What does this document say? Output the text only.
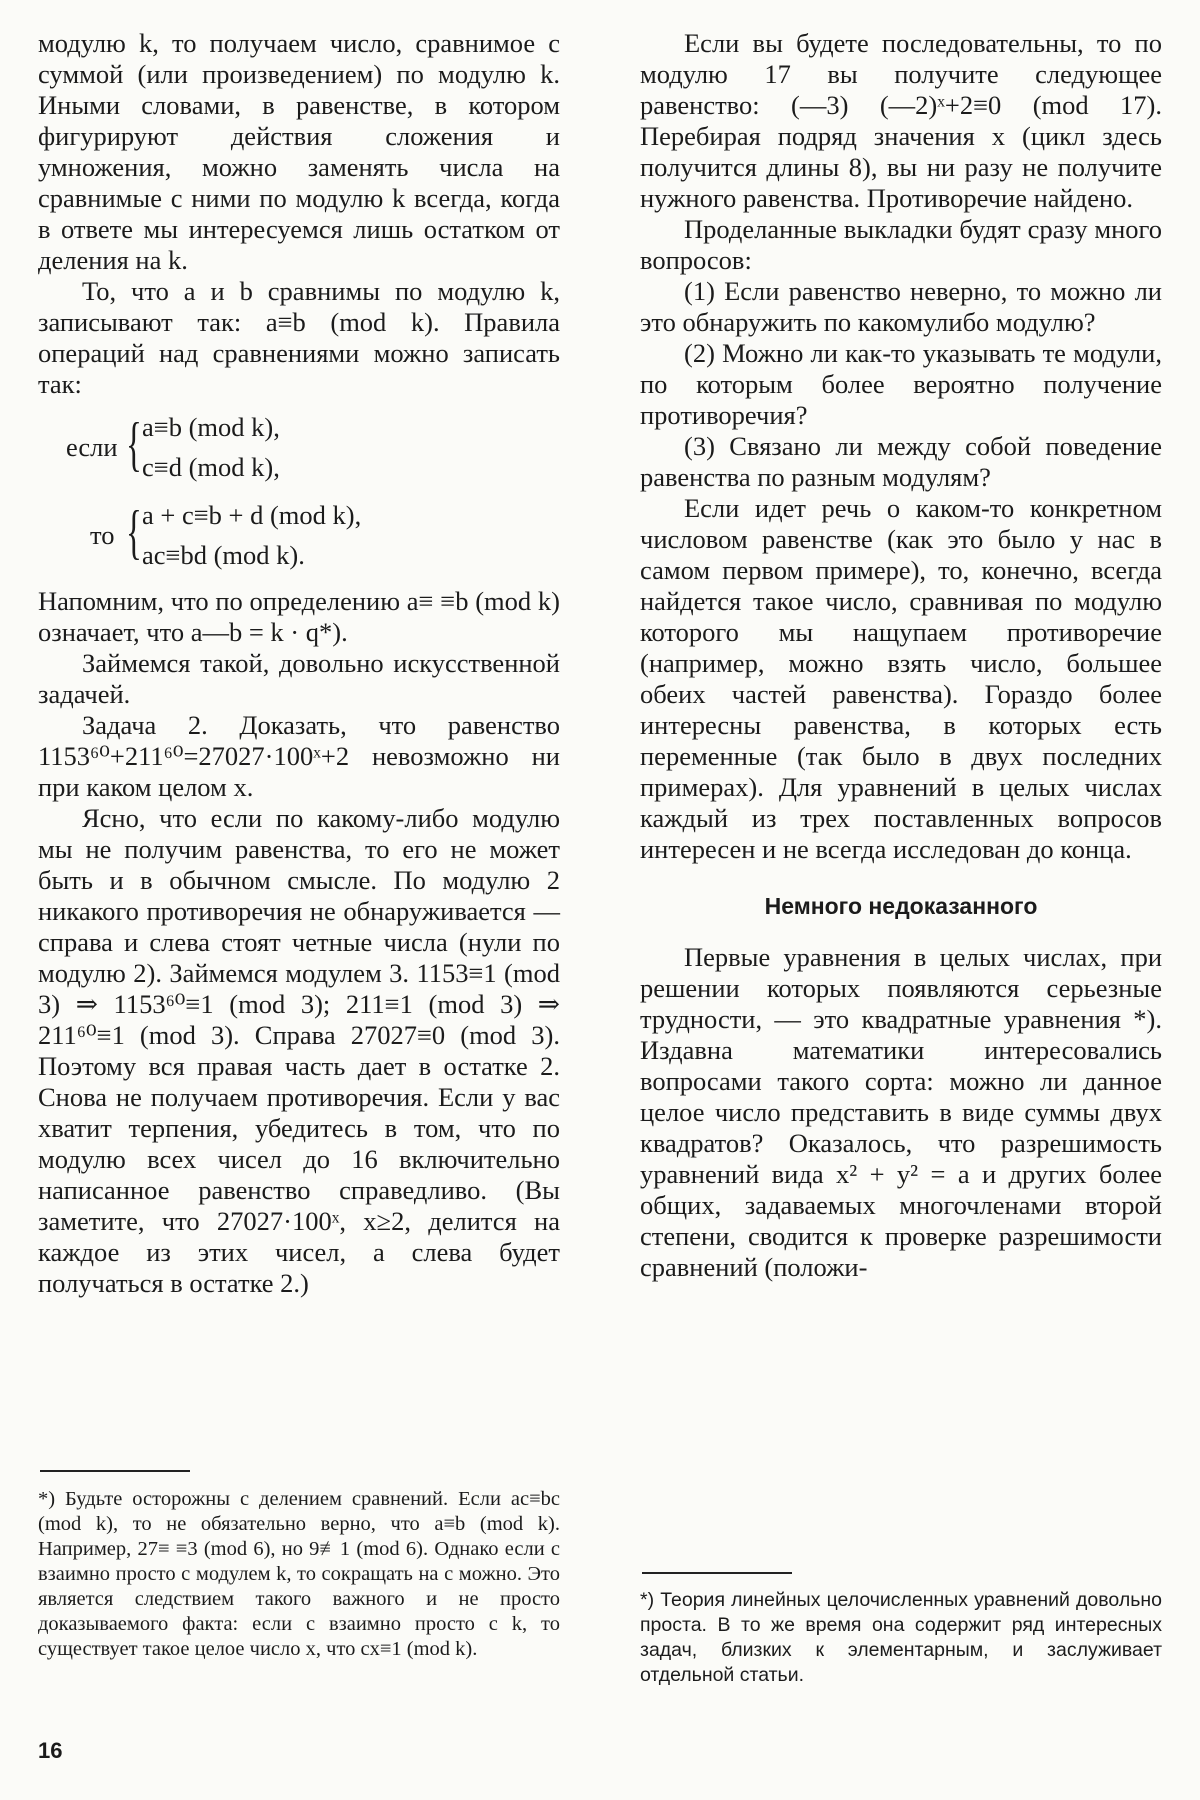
модулю k, то получаем число, сравнимое с суммой (или произведением) по модулю k. Иными словами, в равенстве, в котором фигурируют действия сложения и умножения, можно заменять числа на сравнимые с ними по модулю k всегда, когда в ответе мы интересуемся лишь остатком от деления на k.

То, что a и b сравнимы по модулю k, записывают так: a≡b (mod k). Правила операций над сравнениями можно записать так:

если { a≡b (mod k),
c≡d (mod k),
то { a + c≡b + d (mod k),
ac≡bd (mod k).

Напомним, что по определению a≡ ≡b (mod k) означает, что a—b = k · q*).

Займемся такой, довольно искусственной задачей.

Задача 2. Доказать, что равенство 1153⁶⁰+211⁶⁰=27027·100ˣ+2 невозможно ни при каком целом x.

Ясно, что если по какому-либо модулю мы не получим равенства, то его не может быть и в обычном смысле. По модулю 2 никакого противоречия не обнаруживается — справа и слева стоят четные числа (нули по модулю 2). Займемся модулем 3. 1153≡1 (mod 3) ⇒ 1153⁶⁰≡1 (mod 3); 211≡1 (mod 3) ⇒ 211⁶⁰≡1 (mod 3). Справа 27027≡0 (mod 3). Поэтому вся правая часть дает в остатке 2. Снова не получаем противоречия. Если у вас хватит терпения, убедитесь в том, что по модулю всех чисел до 16 включительно написанное равенство справедливо. (Вы заметите, что 27027·100ˣ, x≥2, делится на каждое из этих чисел, а слева будет получаться в остатке 2.)

*) Будьте осторожны с делением сравнений. Если ac≡bc (mod k), то не обязательно верно, что a≡b (mod k). Например, 27≡ ≡3 (mod 6), но 9≢1 (mod 6). Однако если c взаимно просто с модулем k, то сокращать на c можно. Это является следствием такого важного и не просто доказываемого факта: если c взаимно просто с k, то существует такое целое число x, что cx≡1 (mod k).

Если вы будете последовательны, то по модулю 17 вы получите следующее равенство: (—3) (—2)ˣ+2≡0 (mod 17). Перебирая подряд значения x (цикл здесь получится длины 8), вы ни разу не получите нужного равенства. Противоречие найдено.

Проделанные выкладки будят сразу много вопросов:

(1) Если равенство неверно, то можно ли это обнаружить по какомулибо модулю?

(2) Можно ли как-то указывать те модули, по которым более вероятно получение противоречия?

(3) Связано ли между собой поведение равенства по разным модулям?

Если идет речь о каком-то конкретном числовом равенстве (как это было у нас в самом первом примере), то, конечно, всегда найдется такое число, сравнивая по модулю которого мы нащупаем противоречие (например, можно взять число, большее обеих частей равенства). Гораздо более интересны равенства, в которых есть переменные (так было в двух последних примерах). Для уравнений в целых числах каждый из трех поставленных вопросов интересен и не всегда исследован до конца.

Немного недоказанного

Первые уравнения в целых числах, при решении которых появляются серьезные трудности, — это квадратные уравнения *). Издавна математики интересовались вопросами такого сорта: можно ли данное целое число представить в виде суммы двух квадратов? Оказалось, что разрешимость уравнений вида x² + y² = a и других более общих, задаваемых многочленами второй степени, сводится к проверке разрешимости сравнений (положи-

*) Теория линейных целочисленных уравнений довольно проста. В то же время она содержит ряд интересных задач, близких к элементарным, и заслуживает отдельной статьи.
16
